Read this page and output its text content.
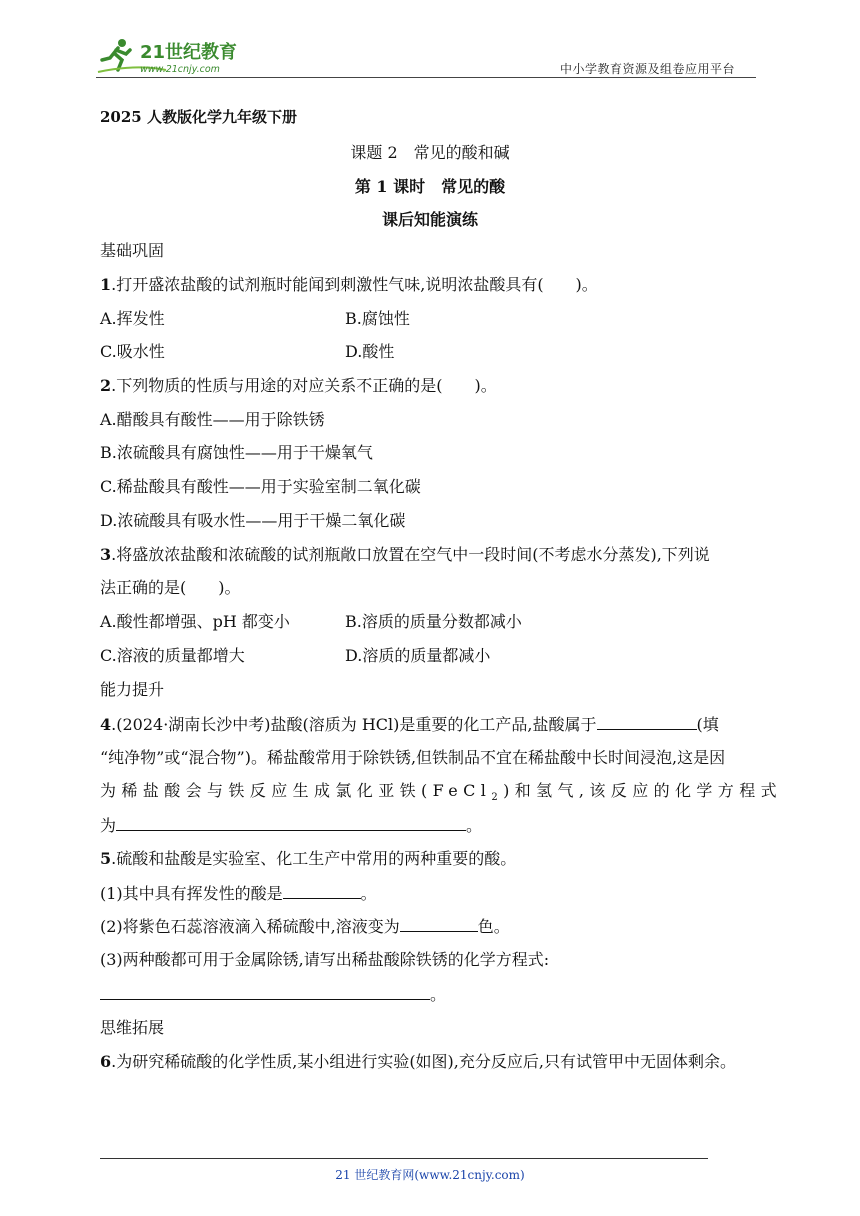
21世纪教育
www.21cnjy.com	中小学教育资源及组卷应用平台
2025 人教版化学九年级下册
课题 2　常见的酸和碱
第 1 课时　常见的酸
课后知能演练
基础巩固
1.打开盛浓盐酸的试剂瓶时能闻到刺激性气味,说明浓盐酸具有(　　)。
A.挥发性	B.腐蚀性
C.吸水性	D.酸性
2.下列物质的性质与用途的对应关系不正确的是(　　)。
A.醋酸具有酸性——用于除铁锈
B.浓硫酸具有腐蚀性——用于干燥氧气
C.稀盐酸具有酸性——用于实验室制二氧化碳
D.浓硫酸具有吸水性——用于干燥二氧化碳
3.将盛放浓盐酸和浓硫酸的试剂瓶敞口放置在空气中一段时间(不考虑水分蒸发),下列说
法正确的是(　　)。
A.酸性都增强、pH 都变小	B.溶质的质量分数都减小
C.溶液的质量都增大	D.溶质的质量都减小
能力提升
4.(2024·湖南长沙中考)盐酸(溶质为 HCl)是重要的化工产品,盐酸属于	(填
“纯净物”或“混合物”)。稀盐酸常用于除铁锈,但铁制品不宜在稀盐酸中长时间浸泡,这是因
为稀盐酸会与铁反应生成氯化亚铁(FeCl$_2$)和氢气,该反应的化学方程式
为	。
5.硫酸和盐酸是实验室、化工生产中常用的两种重要的酸。
(1)其中具有挥发性的酸是	。
(2)将紫色石蕊溶液滴入稀硫酸中,溶液变为	色。
(3)两种酸都可用于金属除锈,请写出稀盐酸除铁锈的化学方程式:
。
思维拓展
6.为研究稀硫酸的化学性质,某小组进行实验(如图),充分反应后,只有试管甲中无固体剩余。
21 世纪教育网(www.21cnjy.com)
